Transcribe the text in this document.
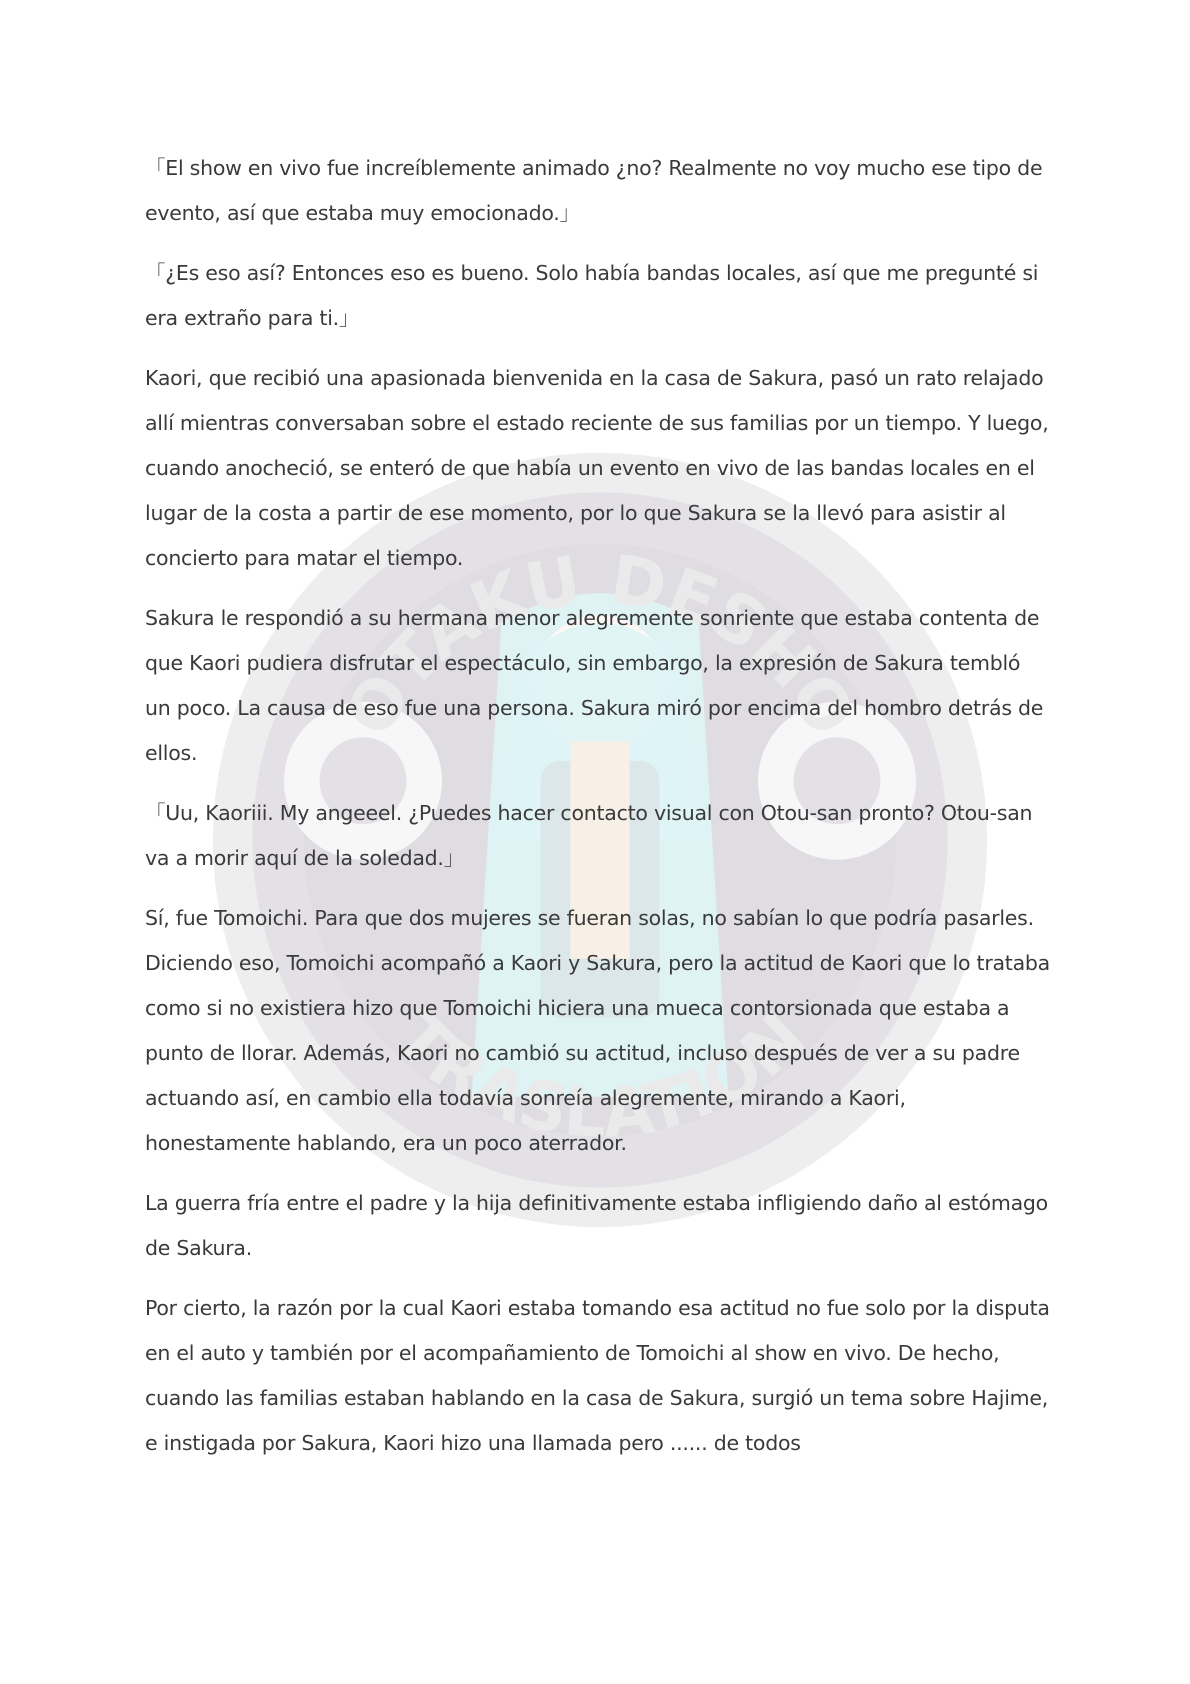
OTAKU DESHO
TRASLATION

「El show en vivo fue increíblemente animado ¿no? Realmente no voy mucho ese tipo de evento, así que estaba muy emocionado.」

「¿Es eso así? Entonces eso es bueno. Solo había bandas locales, así que me pregunté si era extraño para ti.」

Kaori, que recibió una apasionada bienvenida en la casa de Sakura, pasó un rato relajado allí mientras conversaban sobre el estado reciente de sus familias por un tiempo. Y luego, cuando anocheció, se enteró de que había un evento en vivo de las bandas locales en el lugar de la costa a partir de ese momento, por lo que Sakura se la llevó para asistir al concierto para matar el tiempo.

Sakura le respondió a su hermana menor alegremente sonriente que estaba contenta de que Kaori pudiera disfrutar el espectáculo, sin embargo, la expresión de Sakura tembló un poco. La causa de eso fue una persona. Sakura miró por encima del hombro detrás de ellos.

「Uu, Kaoriii. My angeeel. ¿Puedes hacer contacto visual con Otou-san pronto? Otou-san va a morir aquí de la soledad.」

Sí, fue Tomoichi. Para que dos mujeres se fueran solas, no sabían lo que podría pasarles. Diciendo eso, Tomoichi acompañó a Kaori y Sakura, pero la actitud de Kaori que lo trataba como si no existiera hizo que Tomoichi hiciera una mueca contorsionada que estaba a punto de llorar. Además, Kaori no cambió su actitud, incluso después de ver a su padre actuando así, en cambio ella todavía sonreía alegremente, mirando a Kaori, honestamente hablando, era un poco aterrador.

La guerra fría entre el padre y la hija definitivamente estaba infligiendo daño al estómago de Sakura.

Por cierto, la razón por la cual Kaori estaba tomando esa actitud no fue solo por la disputa en el auto y también por el acompañamiento de Tomoichi al show en vivo. De hecho, cuando las familias estaban hablando en la casa de Sakura, surgió un tema sobre Hajime, e instigada por Sakura, Kaori hizo una llamada pero ...... de todos
